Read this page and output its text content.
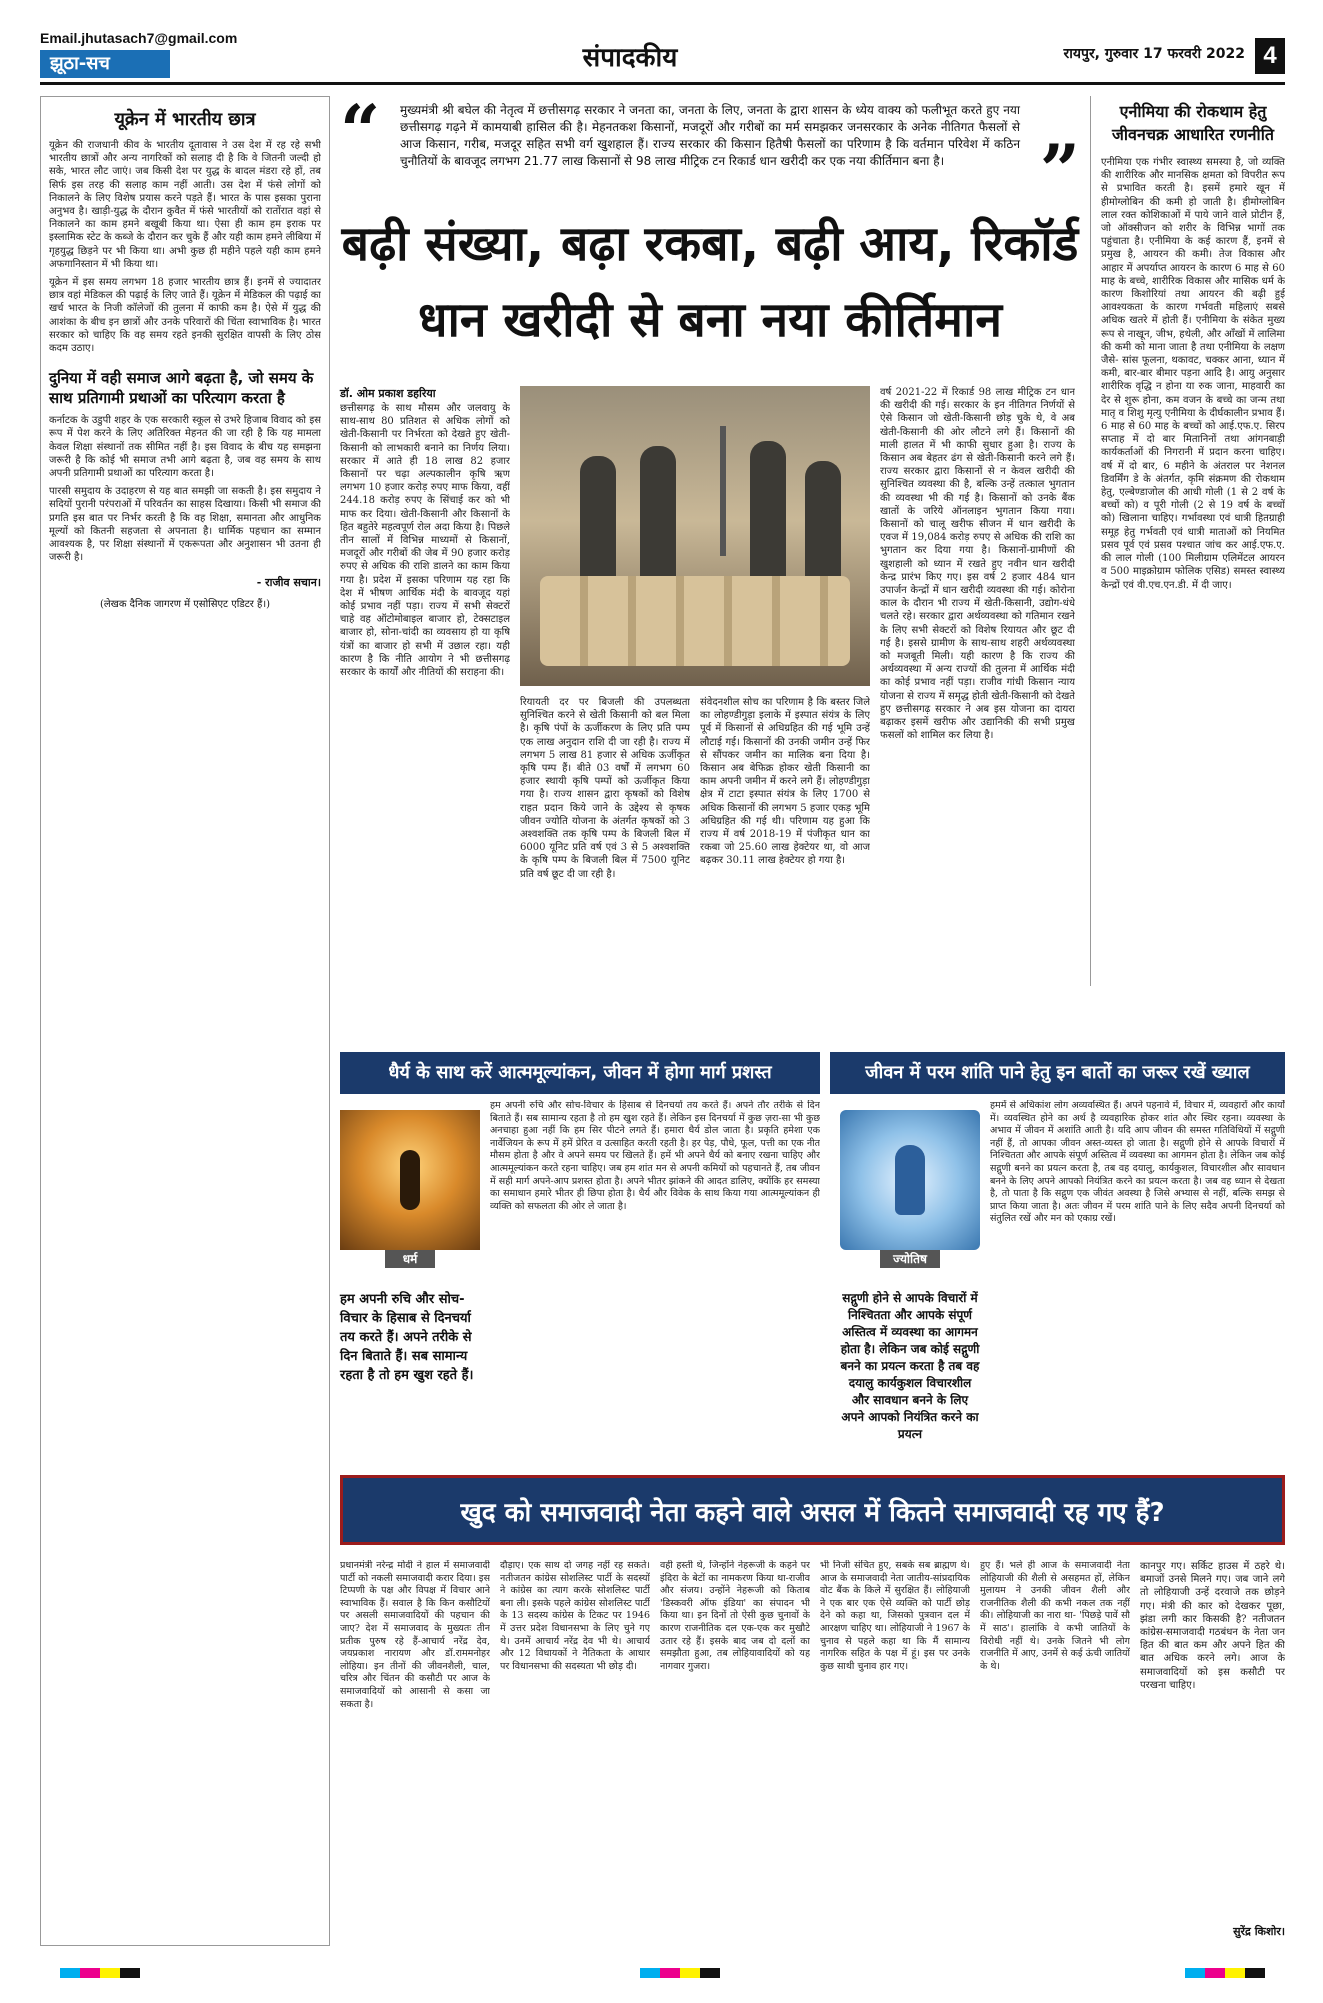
Email.jhutasach7@gmail.com
झूठा-सच	संपादकीय	रायपुर, गुरुवार 17 फरवरी 2022 4
यूक्रेन में भारतीय छात्र

यूक्रेन की राजधानी कीव के भारतीय दूतावास ने उस देश में रह रहे सभी भारतीय छात्रों और अन्य नागरिकों को सलाह दी है कि वे जितनी जल्दी हो सके, भारत लौट जाएं। जब किसी देश पर युद्ध के बादल मंडरा रहे हों, तब सिर्फ इस तरह की सलाह काम नहीं आती। उस देश में फंसे लोगों को निकालने के लिए विशेष प्रयास करने पड़ते हैं। भारत के पास इसका पुराना अनुभव है। खाड़ी-युद्ध के दौरान कुवैत में फंसे भारतीयों को रातोंरात वहां से निकालने का काम हमने बखूबी किया था। ऐसा ही काम हम इराक पर इस्लामिक स्टेट के कब्जे के दौरान कर चुके हैं और यही काम हमने लीबिया में गृहयुद्ध छिड़ने पर भी किया था। अभी कुछ ही महीने पहले यही काम हमने अफगानिस्तान में भी किया था।

यूक्रेन में इस समय लगभग 18 हजार भारतीय छात्र हैं। इनमें से ज्यादातर छात्र वहां मेडिकल की पढ़ाई के लिए जाते हैं। यूक्रेन में मेडिकल की पढ़ाई का खर्च भारत के निजी कॉलेजों की तुलना में काफी कम है। ऐसे में युद्ध की आशंका के बीच इन छात्रों और उनके परिवारों की चिंता स्वाभाविक है। भारत सरकार को चाहिए कि वह समय रहते इनकी सुरक्षित वापसी के लिए ठोस कदम उठाए।

दुनिया में वही समाज आगे बढ़ता है, जो समय के साथ प्रतिगामी प्रथाओं का परित्याग करता है

कर्नाटक के उडुपी शहर के एक सरकारी स्कूल से उभरे हिजाब विवाद को इस रूप में पेश करने के लिए अतिरिक्त मेहनत की जा रही है कि यह मामला केवल शिक्षा संस्थानों तक सीमित नहीं है। इस विवाद के बीच यह समझना जरूरी है कि कोई भी समाज तभी आगे बढ़ता है, जब वह समय के साथ अपनी प्रतिगामी प्रथाओं का परित्याग करता है।

पारसी समुदाय के उदाहरण से यह बात समझी जा सकती है। इस समुदाय ने सदियों पुरानी परंपराओं में परिवर्तन का साहस दिखाया। किसी भी समाज की प्रगति इस बात पर निर्भर करती है कि वह शिक्षा, समानता और आधुनिक मूल्यों को कितनी सहजता से अपनाता है। धार्मिक पहचान का सम्मान आवश्यक है, पर शिक्षा संस्थानों में एकरूपता और अनुशासन भी उतना ही जरूरी है।

- राजीव सचान।
(लेखक दैनिक जागरण में एसोसिएट एडिटर हैं।)
“ मुख्यमंत्री श्री बघेल की नेतृत्व में छत्तीसगढ़ सरकार ने जनता का, जनता के लिए, जनता के द्वारा शासन के ध्येय वाक्य को फलीभूत करते हुए नया छत्तीसगढ़ गढ़ने में कामयाबी हासिल की है। मेहनतकश किसानों, मजदूरों और गरीबों का मर्म समझकर जनसरकार के अनेक नीतिगत फैसलों से आज किसान, गरीब, मजदूर सहित सभी वर्ग खुशहाल हैं। राज्य सरकार की किसान हितैषी फैसलों का परिणाम है कि वर्तमान परिवेश में कठिन चुनौतियों के बावजूद लगभग 21.77 लाख किसानों से 98 लाख मीट्रिक टन रिकार्ड धान खरीदी कर एक नया कीर्तिमान बना है।	”
बढ़ी संख्या, बढ़ा रकबा, बढ़ी आय, रिकॉर्ड
धान खरीदी से बना नया कीर्तिमान
डॉ. ओम प्रकाश डहरिया
छत्तीसगढ़ के साथ मौसम और जलवायु के साथ-साथ 80 प्रतिशत से अधिक लोगों को खेती-किसानी पर निर्भरता को देखते हुए खेती-किसानी को लाभकारी बनाने का निर्णय लिया। सरकार में आते ही 18 लाख 82 हजार किसानों पर चढ़ा अल्पकालीन कृषि ऋण लगभग 10 हजार करोड़ रुपए माफ किया, वहीं 244.18 करोड़ रुपए के सिंचाई कर को भी माफ कर दिया। खेती-किसानी और किसानों के हित बहुतेरे महत्वपूर्ण रोल अदा किया है। पिछले तीन सालों में विभिन्न माध्यमों से किसानों, मजदूरों और गरीबों की जेब में 90 हजार करोड़ रुपए से अधिक की राशि डालने का काम किया गया है। प्रदेश में इसका परिणाम यह रहा कि देश में भीषण आर्थिक मंदी के बावजूद यहां कोई प्रभाव नहीं पड़ा। राज्य में सभी सेक्टरों चाहे वह ऑटोमोबाइल बाजार हो, टेक्सटाइल बाजार हो, सोना-चांदी का व्यवसाय हो या कृषि यंत्रों का बाजार हो सभी में उछाल रहा। यही कारण है कि नीति आयोग ने भी छत्तीसगढ़ सरकार के कार्यों और नीतियों की सराहना की।
रियायती दर पर बिजली की उपलब्धता सुनिश्चित करने से खेती किसानी को बल मिला है। कृषि पंपों के ऊर्जीकरण के लिए प्रति पम्प एक लाख अनुदान राशि दी जा रही है। राज्य में लगभग 5 लाख 81 हजार से अधिक ऊर्जीकृत कृषि पम्प हैं। बीते 03 वर्षों में लगभग 60 हजार स्थायी कृषि पम्पों को ऊर्जीकृत किया गया है। राज्य शासन द्वारा कृषकों को विशेष राहत प्रदान किये जाने के उद्देश्य से कृषक जीवन ज्योति योजना के अंतर्गत कृषकों को 3 अश्वशक्ति तक कृषि पम्प के बिजली बिल में 6000 यूनिट प्रति वर्ष एवं 3 से 5 अश्वशक्ति के कृषि पम्प के बिजली बिल में 7500 यूनिट प्रति वर्ष छूट दी जा रही है।
संवेदनशील सोच का परिणाम है कि बस्तर जिले का लोहण्डीगुड़ा इलाके में इस्पात संयंत्र के लिए पूर्व में किसानों से अधिग्रहित की गई भूमि उन्हें लौटाई गई। किसानों की उनकी जमीन उन्हें फिर से सौंपकर जमीन का मालिक बना दिया है। किसान अब बेफिक्र होकर खेती किसानी का काम अपनी जमीन में करने लगे हैं। लोहण्डीगुड़ा क्षेत्र में टाटा इस्पात संयंत्र के लिए 1700 से अधिक किसानों की लगभग 5 हजार एकड़ भूमि अधिग्रहित की गई थी। परिणाम यह हुआ कि राज्य में वर्ष 2018-19 में पंजीकृत धान का रकबा जो 25.60 लाख हेक्टेयर था, वो आज बढ़कर 30.11 लाख हेक्टेयर हो गया है।
वर्ष 2021-22 में रिकार्ड 98 लाख मीट्रिक टन धान की खरीदी की गई। सरकार के इन नीतिगत निर्णयों से ऐसे किसान जो खेती-किसानी छोड़ चुके थे, वे अब खेती-किसानी की ओर लौटने लगे हैं। किसानों की माली हालत में भी काफी सुधार हुआ है। राज्य के किसान अब बेहतर ढंग से खेती-किसानी करने लगे हैं। राज्य सरकार द्वारा किसानों से न केवल खरीदी की सुनिश्चित व्यवस्था की है, बल्कि उन्हें तत्काल भुगतान की व्यवस्था भी की गई है। किसानों को उनके बैंक खातों के जरिये ऑनलाइन भुगतान किया गया। किसानों को चालू खरीफ सीजन में धान खरीदी के एवज में 19,084 करोड़ रुपए से अधिक की राशि का भुगतान कर दिया गया है। किसानों-ग्रामीणों की खुशहाली को ध्यान में रखते हुए नवीन धान खरीदी केन्द्र प्रारंभ किए गए। इस वर्ष 2 हजार 484 धान उपार्जन केन्द्रों में धान खरीदी व्यवस्था की गई। कोरोना काल के दौरान भी राज्य में खेती-किसानी, उद्योग-धंधे चलते रहे। सरकार द्वारा अर्थव्यवस्था को गतिमान रखने के लिए सभी सेक्टरों को विशेष रियायत और छूट दी गई है। इससे ग्रामीण के साथ-साथ शहरी अर्थव्यवस्था को मजबूती मिली। यही कारण है कि राज्य की अर्थव्यवस्था में अन्य राज्यों की तुलना में आर्थिक मंदी का कोई प्रभाव नहीं पड़ा। राजीव गांधी किसान न्याय योजना से राज्य में समृद्ध होती खेती-किसानी को देखते हुए छत्तीसगढ़ सरकार ने अब इस योजना का दायरा बढ़ाकर इसमें खरीफ और उद्यानिकी की सभी प्रमुख फसलों को शामिल कर लिया है।
एनीमिया की रोकथाम हेतु जीवनचक्र आधारित रणनीति
एनीमिया एक गंभीर स्वास्थ्य समस्या है, जो व्यक्ति की शारीरिक और मानसिक क्षमता को विपरीत रूप से प्रभावित करती है। इसमें हमारे खून में हीमोग्लोबिन की कमी हो जाती है। हीमोग्लोबिन लाल रक्त कोशिकाओं में पाये जाने वाले प्रोटीन हैं, जो ऑक्सीजन को शरीर के विभिन्न भागों तक पहुंचाता है। एनीमिया के कई कारण हैं, इनमें से प्रमुख है, आयरन की कमी। तेज विकास और आहार में अपर्याप्त आयरन के कारण 6 माह से 60 माह के बच्चे, शारीरिक विकास और मासिक धर्म के कारण किशोरियां तथा आयरन की बढ़ी हुई आवश्यकता के कारण गर्भवती महिलाएं सबसे अधिक खतरे में होती हैं। एनीमिया के संकेत मुख्य रूप से नाखून, जीभ, हथेली, और आँखों में लालिमा की कमी को माना जाता है तथा एनीमिया के लक्षण जैसे- सांस फूलना, थकावट, चक्कर आना, ध्यान में कमी, बार-बार बीमार पड़ना आदि है। आयु अनुसार शारीरिक वृद्धि न होना या रुक जाना, माहवारी का देर से शुरू होना, कम वजन के बच्चे का जन्म तथा मातृ व शिशु मृत्यु एनीमिया के दीर्घकालीन प्रभाव हैं। 6 माह से 60 माह के बच्चों को आई.एफ.ए. सिरप सप्ताह में दो बार मितानिनों तथा आंगनबाड़ी कार्यकर्ताओं की निगरानी में प्रदान करना चाहिए। वर्ष में दो बार, 6 महीने के अंतराल पर नेशनल डिवर्मिंग डे के अंतर्गत, कृमि संक्रमण की रोकथाम हेतु, एल्बेण्डाजोल की आधी गोली (1 से 2 वर्ष के बच्चों को) व पूरी गोली (2 से 19 वर्ष के बच्चों को) खिलाना चाहिए। गर्भावस्था एवं धात्री हितग्राही समूह हेतु गर्भवती एवं धात्री माताओं को नियमित प्रसव पूर्व एवं प्रसव पश्चात जांच कर आई.एफ.ए. की लाल गोली (100 मिलीग्राम एलिमेंटल आयरन व 500 माइक्रोग्राम फोलिक एसिड) समस्त स्वास्थ्य केन्द्रों एवं वी.एच.एन.डी. में दी जाए।
धैर्य के साथ करें आत्ममूल्यांकन, जीवन में होगा मार्ग प्रशस्त	जीवन में परम शांति पाने हेतु इन बातों का जरूर रखें ख्याल
धर्म
हम अपनी रुचि और सोच-विचार के हिसाब से दिनचर्या तय करते हैं। अपने तरीके से दिन बिताते हैं। सब सामान्य रहता है तो हम खुश रहते हैं।
हम अपनी रुचि और सोच-विचार के हिसाब से दिनचर्या तय करते हैं। अपने तौर तरीके से दिन बिताते हैं। सब सामान्य रहता है तो हम खुश रहते हैं। लेकिन इस दिनचर्या में कुछ ज़रा-सा भी कुछ अनचाहा हुआ नहीं कि हम सिर पीटने लगते हैं। हमारा धैर्य डोल जाता है। प्रकृति हमेशा एक नार्वेजियन के रूप में हमें प्रेरित व उत्साहित करती रहती है। हर पेड़, पौधे, फूल, पत्ती का एक नीत मौसम होता है और वे अपने समय पर खिलते हैं। हमें भी अपने धैर्य को बनाए रखना चाहिए और आत्ममूल्यांकन करते रहना चाहिए। जब हम शांत मन से अपनी कमियों को पहचानते हैं, तब जीवन में सही मार्ग अपने-आप प्रशस्त होता है। अपने भीतर झांकने की आदत डालिए, क्योंकि हर समस्या का समाधान हमारे भीतर ही छिपा होता है। धैर्य और विवेक के साथ किया गया आत्ममूल्यांकन ही व्यक्ति को सफलता की ओर ले जाता है।
ज्योतिष
सद्गुणी होने से आपके विचारों में निश्चितता और आपके संपूर्ण अस्तित्व में व्यवस्था का आगमन होता है। लेकिन जब कोई सद्गुणी बनने का प्रयत्न करता है तब वह दयालु कार्यकुशल विचारशील और सावधान बनने के लिए अपने आपको नियंत्रित करने का प्रयत्न
हममें से अधिकांश लोग अव्यवस्थित हैं। अपने पहनावे में, विचार में, व्यवहारों और कार्यों में। व्यवस्थित होने का अर्थ है व्यवहारिक होकर शांत और स्थिर रहना। व्यवस्था के अभाव में जीवन में अशांति आती है। यदि आप जीवन की समस्त गतिविधियों में सद्गुणी नहीं हैं, तो आपका जीवन अस्त-व्यस्त हो जाता है। सद्गुणी होने से आपके विचारों में निश्चितता और आपके संपूर्ण अस्तित्व में व्यवस्था का आगमन होता है। लेकिन जब कोई सद्गुणी बनने का प्रयत्न करता है, तब वह दयालु, कार्यकुशल, विचारशील और सावधान बनने के लिए अपने आपको नियंत्रित करने का प्रयत्न करता है। जब वह ध्यान से देखता है, तो पाता है कि सद्गुण एक जीवंत अवस्था है जिसे अभ्यास से नहीं, बल्कि समझ से प्राप्त किया जाता है। अतः जीवन में परम शांति पाने के लिए सदैव अपनी दिनचर्या को संतुलित रखें और मन को एकाग्र रखें।
खुद को समाजवादी नेता कहने वाले असल में कितने समाजवादी रह गए हैं?
प्रधानमंत्री नरेन्द्र मोदी ने हाल में समाजवादी पार्टी को नकली समाजवादी करार दिया। इस टिप्पणी के पक्ष और विपक्ष में विचार आने स्वाभाविक हैं। सवाल है कि किन कसौटियों पर असली समाजवादियों की पहचान की जाए? देश में समाजवाद के मुख्यतः तीन प्रतीक पुरुष रहे हैं-आचार्य नरेंद्र देव, जयप्रकाश नारायण और डॉ.राममनोहर लोहिया। इन तीनों की जीवनशैली, चाल, चरित्र और चिंतन की कसौटी पर आज के समाजवादियों को आसानी से कसा जा सकता है।
दौड़ाए। एक साथ दो जगह नहीं रह सकते। नतीजतन कांग्रेस सोशलिस्ट पार्टी के सदस्यों ने कांग्रेस का त्याग करके सोशलिस्ट पार्टी बना ली। इसके पहले कांग्रेस सोशलिस्ट पार्टी के 13 सदस्य कांग्रेस के टिकट पर 1946 में उत्तर प्रदेश विधानसभा के लिए चुने गए थे। उनमें आचार्य नरेंद्र देव भी थे। आचार्य और 12 विधायकों ने नैतिकता के आधार पर विधानसभा की सदस्यता भी छोड़ दी।
वही हस्ती थे, जिन्होंने नेहरूजी के कहने पर इंदिरा के बेटों का नामकरण किया था-राजीव और संजय। उन्होंने नेहरूजी को किताब 'डिस्कवरी ऑफ इंडिया' का संपादन भी किया था। इन दिनों तो ऐसी कुछ चुनावों के कारण राजनीतिक दल एक-एक कर मुखौटे उतार रहे हैं। इसके बाद जब दो दलों का समझौता हुआ, तब लोहियावादियों को यह नागवार गुजरा।
भी निजी संचित हुए, सबके सब ब्राह्मण थे। आज के समाजवादी नेता जातीय-सांप्रदायिक वोट बैंक के किले में सुरक्षित हैं। लोहियाजी ने एक बार एक ऐसे व्यक्ति को पार्टी छोड़ देने को कहा था, जिसको पुत्रवान दल में आरक्षण चाहिए था। लोहियाजी ने 1967 के चुनाव से पहले कहा था कि मैं सामान्य नागरिक सहित के पक्ष में हूं। इस पर उनके कुछ साथी चुनाव हार गए।
हुए हैं। भले ही आज के समाजवादी नेता लोहियाजी की शैली से असहमत हों, लेकिन मुलायम ने उनकी जीवन शैली और राजनीतिक शैली की कभी नकल तक नहीं की। लोहियाजी का नारा था- 'पिछड़े पावें सौ में साठ'। हालांकि वे कभी जातियों के विरोधी नहीं थे। उनके जितने भी लोग राजनीति में आए, उनमें से कई ऊंची जातियों के थे।
कानपुर गए। सर्किट हाउस में ठहरे थे। बमाजों उनसे मिलने गए। जब जाने लगे तो लोहियाजी उन्हें दरवाजे तक छोड़ने गए। मंत्री की कार को देखकर पूछा, झंडा लगी कार किसकी है? नतीजतन कांग्रेस-समाजवादी गठबंधन के नेता जन हित की बात कम और अपने हित की बात अधिक करने लगे। आज के समाजवादियों को इस कसौटी पर परखना चाहिए।
सुरेंद्र किशोर।
